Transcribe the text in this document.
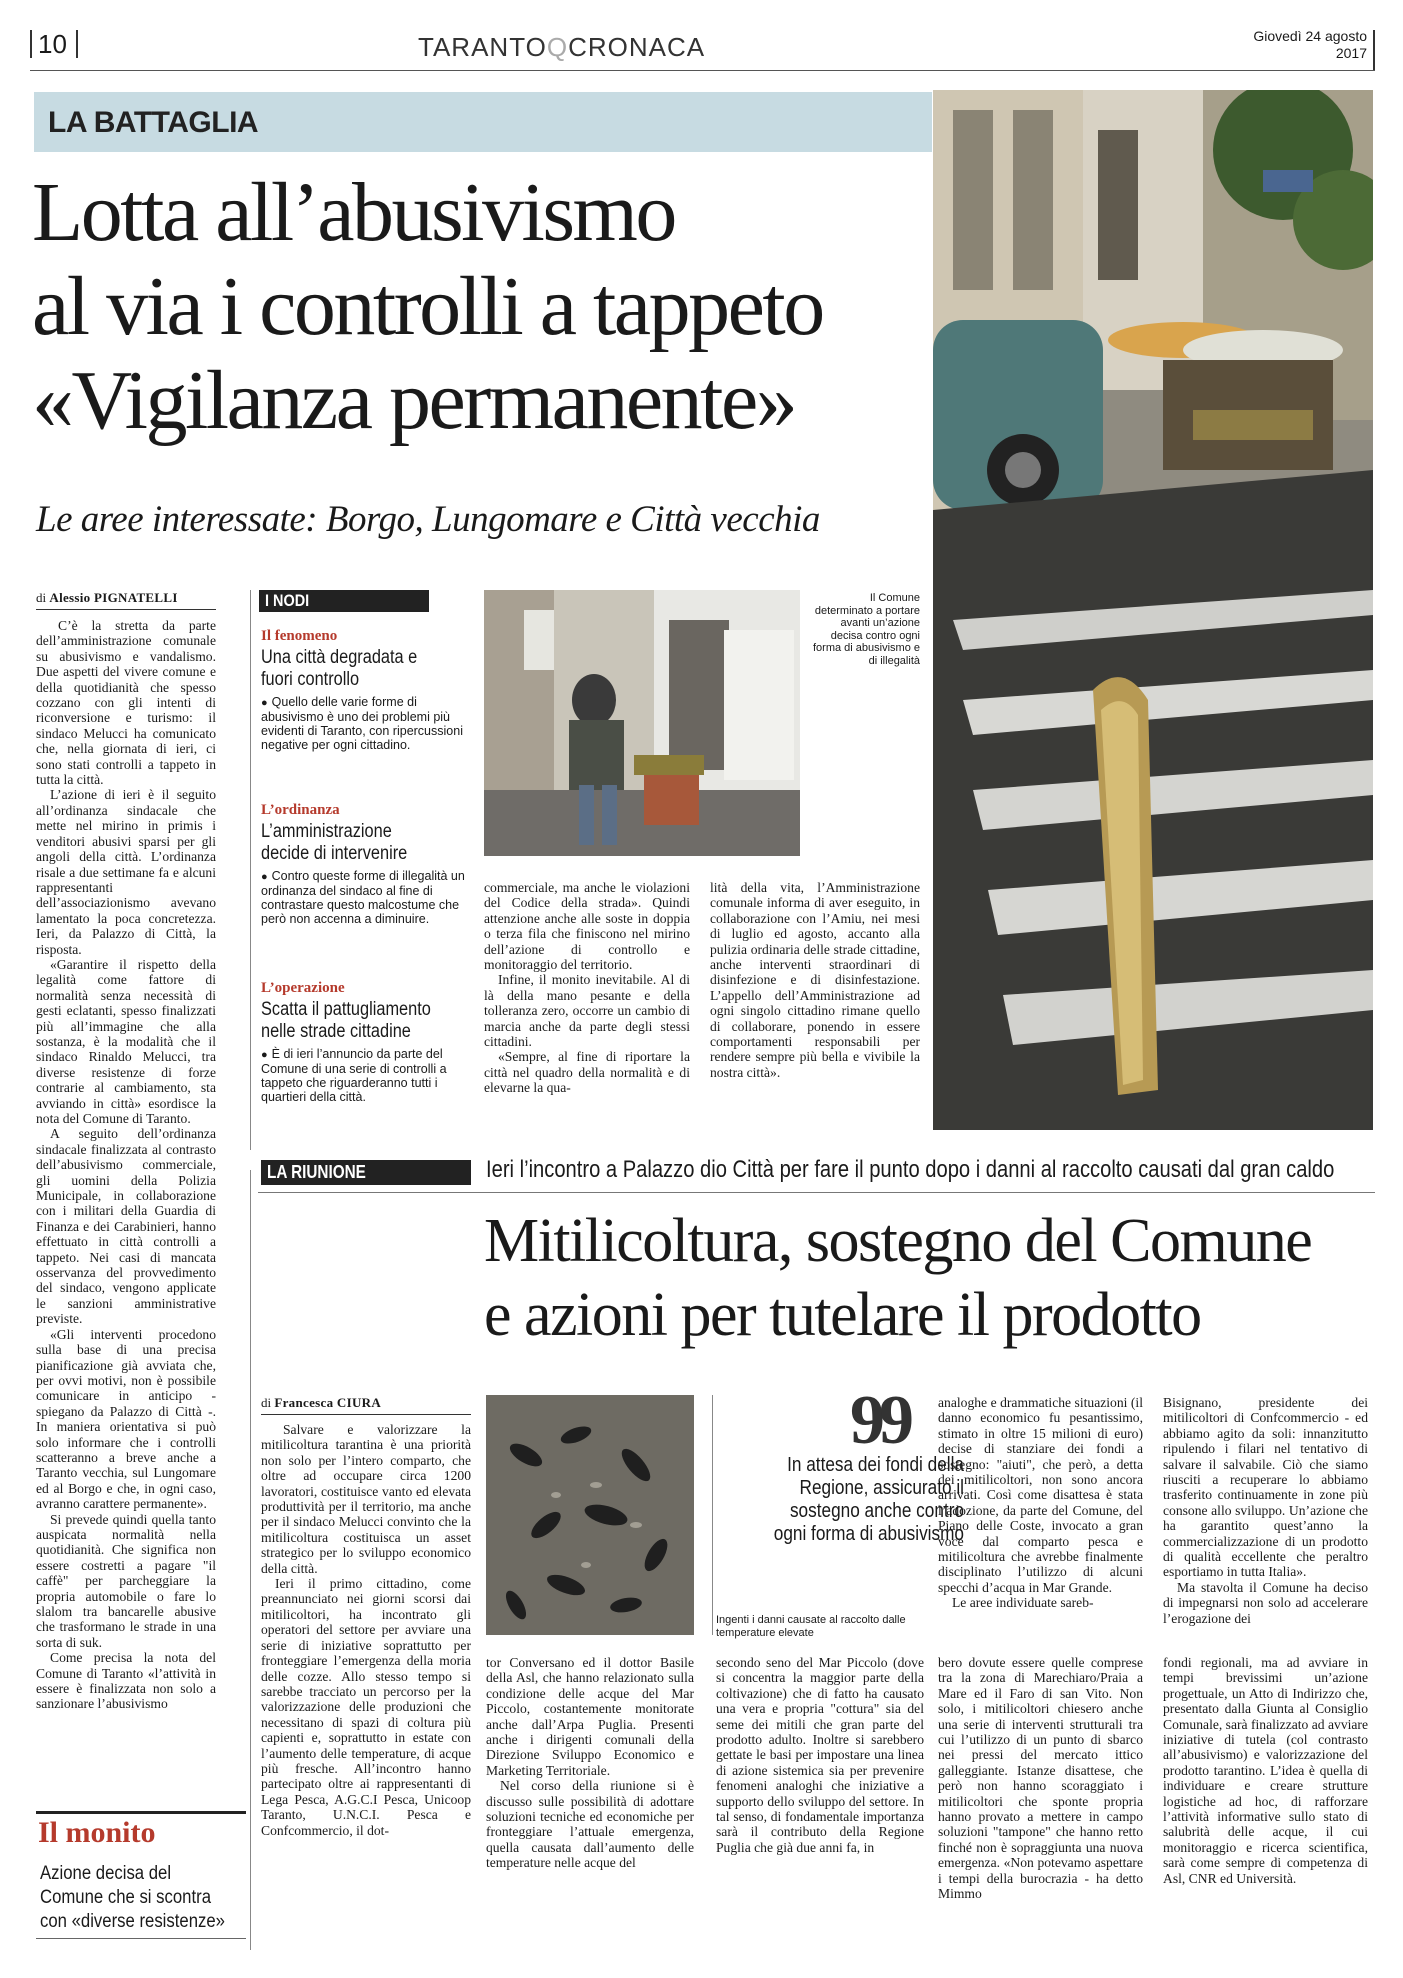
10	TARANTOQCRONACA	Giovedì 24 agosto
2017
LA BATTAGLIA
Lotta all’abusivismo
al via i controlli a tappeto
«Vigilanza permanente»
Le aree interessate: Borgo, Lungomare e Città vecchia
di Alessio PIGNATELLI

C’è la stretta da parte dell’amministrazione comunale su abusivismo e vandalismo. Due aspetti del vivere comune e della quotidianità che spesso cozzano con gli intenti di riconversione e turismo: il sindaco Melucci ha comunicato che, nella giornata di ieri, ci sono stati controlli a tappeto in tutta la città.

L’azione di ieri è il seguito all’ordinanza sindacale che mette nel mirino in primis i venditori abusivi sparsi per gli angoli della città. L’ordinanza risale a due settimane fa e alcuni rappresentanti dell’associazionismo avevano lamentato la poca concretezza. Ieri, da Palazzo di Città, la risposta.

«Garantire il rispetto della legalità come fattore di normalità senza necessità di gesti eclatanti, spesso finalizzati più all’immagine che alla sostanza, è la modalità che il sindaco Rinaldo Melucci, tra diverse resistenze di forze contrarie al cambiamento, sta avviando in città» esordisce la nota del Comune di Taranto.

A seguito dell’ordinanza sindacale finalizzata al contrasto dell’abusivismo commerciale, gli uomini della Polizia Municipale, in collaborazione con i militari della Guardia di Finanza e dei Carabinieri, hanno effettuato in città controlli a tappeto. Nei casi di mancata osservanza del provvedimento del sindaco, vengono applicate le sanzioni amministrative previste.

«Gli interventi procedono sulla base di una precisa pianificazione già avviata che, per ovvi motivi, non è possibile comunicare in anticipo - spiegano da Palazzo di Città -. In maniera orientativa si può solo informare che i controlli scatteranno a breve anche a Taranto vecchia, sul Lungomare ed al Borgo e che, in ogni caso, avranno carattere permanente».

Si prevede quindi quella tanto auspicata normalità nella quotidianità. Che significa non essere costretti a pagare "il caffè" per parcheggiare la propria automobile o fare lo slalom tra bancarelle abusive che trasformano le strade in una sorta di suk.

Come precisa la nota del Comune di Taranto «l’attività in essere è finalizzata non solo a sanzionare l’abusivismo

Il monito
Azione decisa del Comune che si scontra con «diverse resistenze»
I NODI
Il fenomeno
Una città degradata e fuori controllo
● Quello delle varie forme di abusivismo è uno dei problemi più evidenti di Taranto, con ripercussioni negative per ogni cittadino.
L’ordinanza
L’amministrazione decide di intervenire
● Contro queste forme di illegalità un ordinanza del sindaco al fine di contrastare questo malcostume che però non accenna a diminuire.
L’operazione
Scatta il pattugliamento nelle strade cittadine
● È di ieri l’annuncio da parte del Comune di una serie di controlli a tappeto che riguarderanno tutti i quartieri della città.
Il Comune determinato a portare avanti un’azione decisa contro ogni forma di abusivismo e di illegalità

commerciale, ma anche le violazioni del Codice della strada». Quindi attenzione anche alle soste in doppia o terza fila che finiscono nel mirino dell’azione di controllo e monitoraggio del territorio.

Infine, il monito inevitabile. Al di là della mano pesante e della tolleranza zero, occorre un cambio di marcia anche da parte degli stessi cittadini.

«Sempre, al fine di riportare la città nel quadro della normalità e di elevarne la qua-

lità della vita, l’Amministrazione comunale informa di aver eseguito, in collaborazione con l’Amiu, nei mesi di luglio ed agosto, accanto alla pulizia ordinaria delle strade cittadine, anche interventi straordinari di disinfezione e di disinfestazione. L’appello dell’Amministrazione ad ogni singolo cittadino rimane quello di collaborare, ponendo in essere comportamenti responsabili per rendere sempre più bella e vivibile la nostra città».

LA RIUNIONE	Ieri l’incontro a Palazzo dio Città per fare il punto dopo i danni al raccolto causati dal gran caldo
Mitilicoltura, sostegno del Comune
e azioni per tutelare il prodotto
di Francesca CIURA

Salvare e valorizzare la mitilicoltura tarantina è una priorità non solo per l’intero comparto, che oltre ad occupare circa 1200 lavoratori, costituisce vanto ed elevata produttività per il territorio, ma anche per il sindaco Melucci convinto che la mitilicoltura costituisca un asset strategico per lo sviluppo economico della città.

Ieri il primo cittadino, come preannunciato nei giorni scorsi dai mitilicoltori, ha incontrato gli operatori del settore per avviare una serie di iniziative soprattutto per fronteggiare l’emergenza della moria delle cozze. Allo stesso tempo si sarebbe tracciato un percorso per la valorizzazione delle produzioni che necessitano di spazi di coltura più capienti e, soprattutto in estate con l’aumento delle temperature, di acque più fresche. All’incontro hanno partecipato oltre ai rappresentanti di Lega Pesca, A.G.C.I Pesca, Unicoop Taranto, U.N.C.I. Pesca e Confcommercio, il dot-

tor Conversano ed il dottor Basile della Asl, che hanno relazionato sulla condizione delle acque del Mar Piccolo, costantemente monitorate anche dall’Arpa Puglia. Presenti anche i dirigenti comunali della Direzione Sviluppo Economico e Marketing Territoriale.

Nel corso della riunione si è discusso sulle possibilità di adottare soluzioni tecniche ed economiche per fronteggiare l’attuale emergenza, quella causata dall’aumento delle temperature nelle acque del

99
In attesa dei fondi della Regione, assicurato il sostegno anche contro ogni forma di abusivismo
Ingenti i danni causate al raccolto dalle temperature elevate

secondo seno del Mar Piccolo (dove si concentra la maggior parte della coltivazione) che di fatto ha causato una vera e propria "cottura" sia del seme dei mitili che gran parte del prodotto adulto. Inoltre si sarebbero gettate le basi per impostare una linea di azione sistemica sia per prevenire fenomeni analoghi che iniziative a supporto dello sviluppo del settore. In tal senso, di fondamentale importanza sarà il contributo della Regione Puglia che già due anni fa, in

analoghe e drammatiche situazioni (il danno economico fu pesantissimo, stimato in oltre 15 milioni di euro) decise di stanziare dei fondi a sostegno: "aiuti", che però, a detta dei mitilicoltori, non sono ancora arrivati. Così come disattesa è stata l’adozione, da parte del Comune, del Piano delle Coste, invocato a gran voce dal comparto pesca e mitilicoltura che avrebbe finalmente disciplinato l’utilizzo di alcuni specchi d’acqua in Mar Grande.

Le aree individuate sareb-

bero dovute essere quelle comprese tra la zona di Marechiaro/Praia a Mare ed il Faro di san Vito. Non solo, i mitilicoltori chiesero anche una serie di interventi strutturali tra cui l’utilizzo di un punto di sbarco nei pressi del mercato ittico galleggiante. Istanze disattese, che però non hanno scoraggiato i mitilicoltori che sponte propria hanno provato a mettere in campo soluzioni "tampone" che hanno retto finché non è sopraggiunta una nuova emergenza. «Non potevamo aspettare i tempi della burocrazia - ha detto Mimmo

Bisignano, presidente dei mitilicoltori di Confcommercio - ed abbiamo agito da soli: innanzitutto ripulendo i filari nel tentativo di salvare il salvabile. Ciò che siamo riusciti a recuperare lo abbiamo trasferito continuamente in zone più consone allo sviluppo. Un’azione che ha garantito quest’anno la commercializzazione di un prodotto di qualità eccellente che peraltro esportiamo in tutta Italia».

Ma stavolta il Comune ha deciso di impegnarsi non solo ad accelerare l’erogazione dei

fondi regionali, ma ad avviare in tempi brevissimi un’azione progettuale, un Atto di Indirizzo che, presentato dalla Giunta al Consiglio Comunale, sarà finalizzato ad avviare iniziative di tutela (col contrasto all’abusivismo) e valorizzazione del prodotto tarantino. L’idea è quella di individuare e creare strutture logistiche ad hoc, di rafforzare l’attività informative sullo stato di salubrità delle acque, il cui monitoraggio e ricerca scientifica, sarà come sempre di competenza di Asl, CNR ed Università.
